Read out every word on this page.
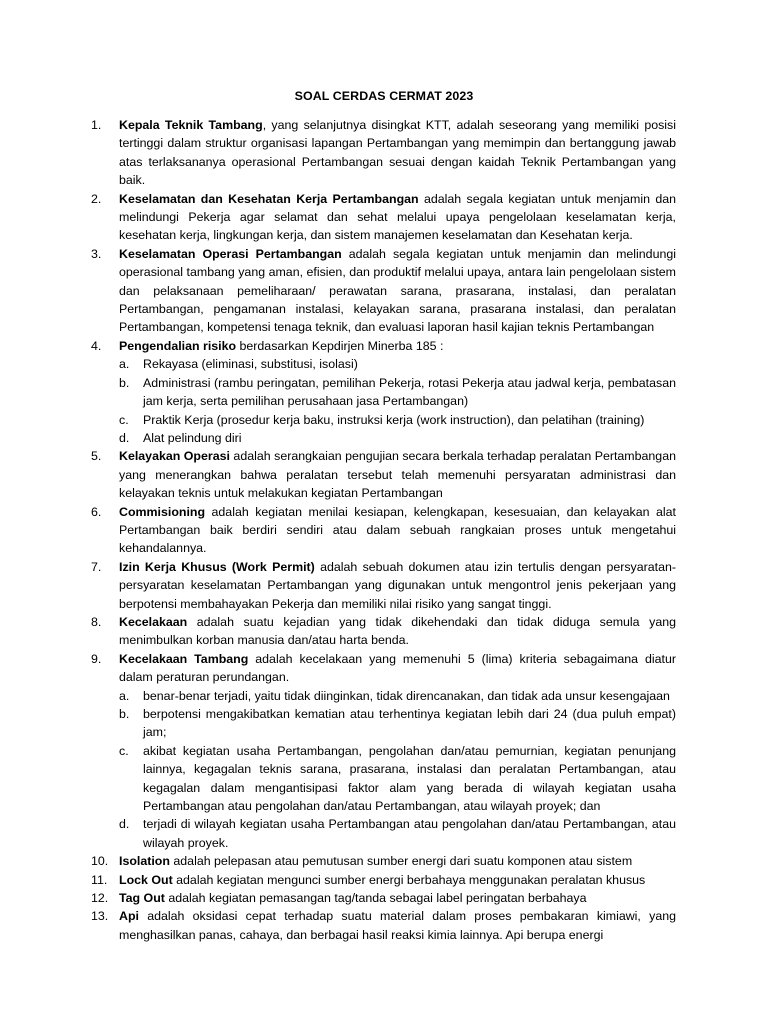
SOAL CERDAS CERMAT 2023
1. Kepala Teknik Tambang, yang selanjutnya disingkat KTT, adalah seseorang yang memiliki posisi tertinggi dalam struktur organisasi lapangan Pertambangan yang memimpin dan bertanggung jawab atas terlaksananya operasional Pertambangan sesuai dengan kaidah Teknik Pertambangan yang baik.
2. Keselamatan dan Kesehatan Kerja Pertambangan adalah segala kegiatan untuk menjamin dan melindungi Pekerja agar selamat dan sehat melalui upaya pengelolaan keselamatan kerja, kesehatan kerja, lingkungan kerja, dan sistem manajemen keselamatan dan Kesehatan kerja.
3. Keselamatan Operasi Pertambangan adalah segala kegiatan untuk menjamin dan melindungi operasional tambang yang aman, efisien, dan produktif melalui upaya, antara lain pengelolaan sistem dan pelaksanaan pemeliharaan/ perawatan sarana, prasarana, instalasi, dan peralatan Pertambangan, pengamanan instalasi, kelayakan sarana, prasarana instalasi, dan peralatan Pertambangan, kompetensi tenaga teknik, dan evaluasi laporan hasil kajian teknis Pertambangan
4. Pengendalian risiko berdasarkan Kepdirjen Minerba 185 :
a. Rekayasa (eliminasi, substitusi, isolasi)
b. Administrasi (rambu peringatan, pemilihan Pekerja, rotasi Pekerja atau jadwal kerja, pembatasan jam kerja, serta pemilihan perusahaan jasa Pertambangan)
c. Praktik Kerja (prosedur kerja baku, instruksi kerja (work instruction), dan pelatihan (training)
d. Alat pelindung diri
5. Kelayakan Operasi adalah serangkaian pengujian secara berkala terhadap peralatan Pertambangan yang menerangkan bahwa peralatan tersebut telah memenuhi persyaratan administrasi dan kelayakan teknis untuk melakukan kegiatan Pertambangan
6. Commisioning adalah kegiatan menilai kesiapan, kelengkapan, kesesuaian, dan kelayakan alat Pertambangan baik berdiri sendiri atau dalam sebuah rangkaian proses untuk mengetahui kehandalannya.
7. Izin Kerja Khusus (Work Permit) adalah sebuah dokumen atau izin tertulis dengan persyaratan-persyaratan keselamatan Pertambangan yang digunakan untuk mengontrol jenis pekerjaan yang berpotensi membahayakan Pekerja dan memiliki nilai risiko yang sangat tinggi.
8. Kecelakaan adalah suatu kejadian yang tidak dikehendaki dan tidak diduga semula yang menimbulkan korban manusia dan/atau harta benda.
9. Kecelakaan Tambang adalah kecelakaan yang memenuhi 5 (lima) kriteria sebagaimana diatur dalam peraturan perundangan.
a. benar-benar terjadi, yaitu tidak diinginkan, tidak direncanakan, dan tidak ada unsur kesengajaan
b. berpotensi mengakibatkan kematian atau terhentinya kegiatan lebih dari 24 (dua puluh empat) jam;
c. akibat kegiatan usaha Pertambangan, pengolahan dan/atau pemurnian, kegiatan penunjang lainnya, kegagalan teknis sarana, prasarana, instalasi dan peralatan Pertambangan, atau kegagalan dalam mengantisipasi faktor alam yang berada di wilayah kegiatan usaha Pertambangan atau pengolahan dan/atau Pertambangan, atau wilayah proyek; dan
d. terjadi di wilayah kegiatan usaha Pertambangan atau pengolahan dan/atau Pertambangan, atau wilayah proyek.
10. Isolation adalah pelepasan atau pemutusan sumber energi dari suatu komponen atau sistem
11. Lock Out adalah kegiatan mengunci sumber energi berbahaya menggunakan peralatan khusus
12. Tag Out adalah kegiatan pemasangan tag/tanda sebagai label peringatan berbahaya
13. Api adalah oksidasi cepat terhadap suatu material dalam proses pembakaran kimiawi, yang menghasilkan panas, cahaya, dan berbagai hasil reaksi kimia lainnya. Api berupa energi
